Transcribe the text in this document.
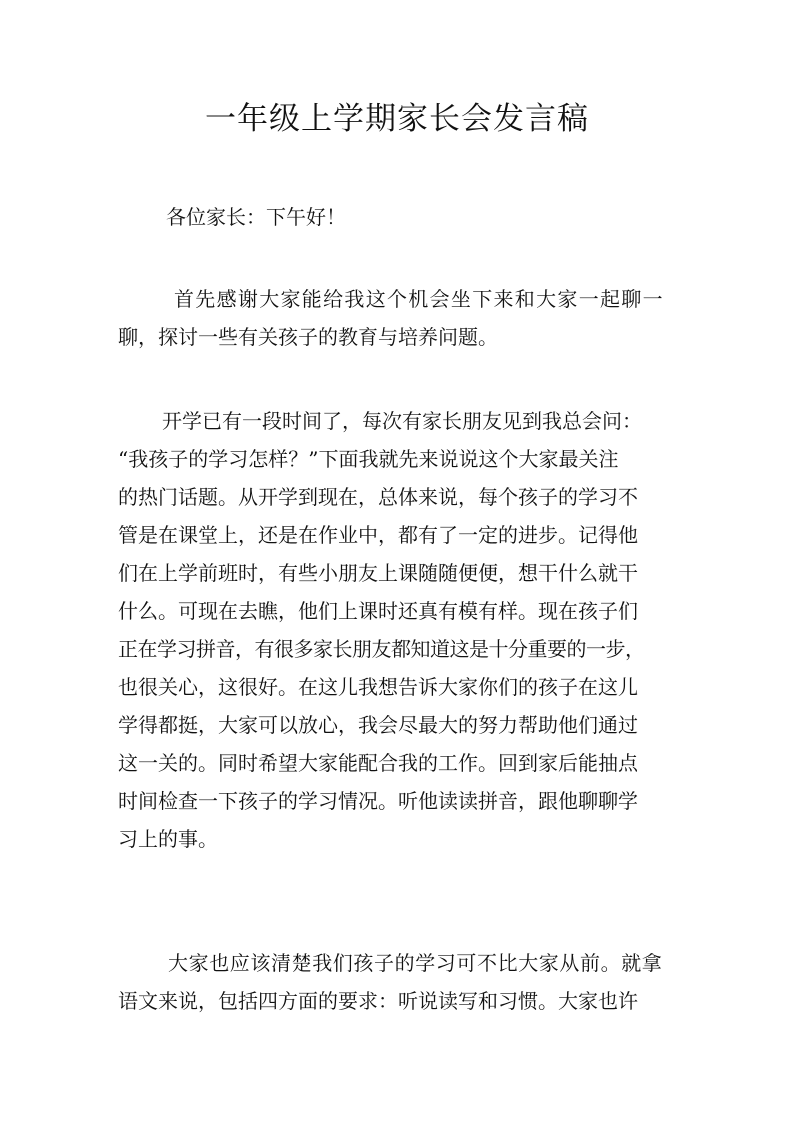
一年级上学期家长会发言稿

各位家长：下午好！

首先感谢大家能给我这个机会坐下来和大家一起聊一
聊，探讨一些有关孩子的教育与培养问题。

开学已有一段时间了，每次有家长朋友见到我总会问：
“我孩子的学习怎样？”下面我就先来说说这个大家最关注
的热门话题。从开学到现在，总体来说，每个孩子的学习不
管是在课堂上，还是在作业中，都有了一定的进步。记得他
们在上学前班时，有些小朋友上课随随便便，想干什么就干
什么。可现在去瞧，他们上课时还真有模有样。现在孩子们
正在学习拼音，有很多家长朋友都知道这是十分重要的一步，
也很关心，这很好。在这儿我想告诉大家你们的孩子在这儿
学得都挺，大家可以放心，我会尽最大的努力帮助他们通过
这一关的。同时希望大家能配合我的工作。回到家后能抽点
时间检查一下孩子的学习情况。听他读读拼音，跟他聊聊学
习上的事。

大家也应该清楚我们孩子的学习可不比大家从前。就拿
语文来说，包括四方面的要求：听说读写和习惯。大家也许
